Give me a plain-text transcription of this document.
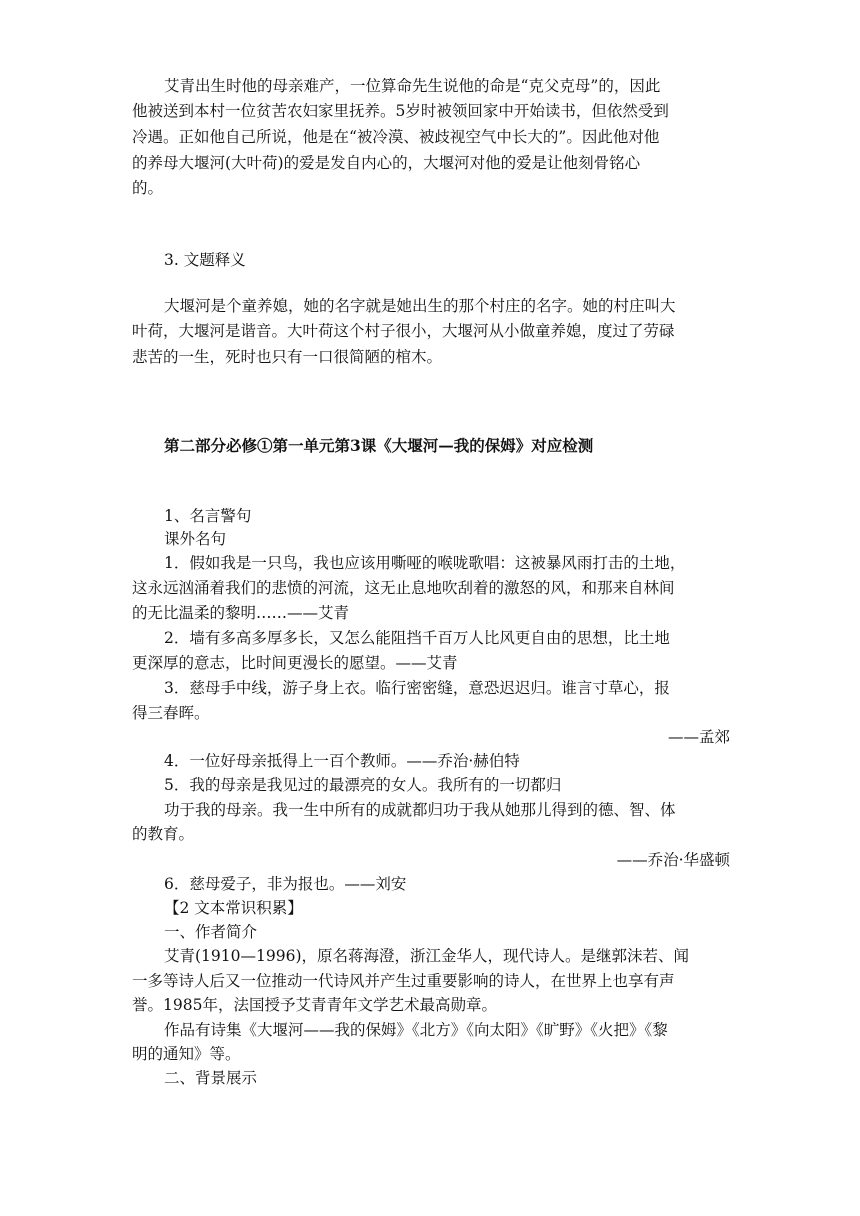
艾青出生时他的母亲难产，一位算命先生说他的命是“克父克母”的，因此
他被送到本村一位贫苦农妇家里抚养。5岁时被领回家中开始读书，但依然受到
冷遇。正如他自己所说，他是在“被冷漠、被歧视空气中长大的”。因此他对他
的养母大堰河(大叶荷)的爱是发自内心的，大堰河对他的爱是让他刻骨铭心
的。
3. 文题释义
大堰河是个童养媳，她的名字就是她出生的那个村庄的名字。她的村庄叫大
叶荷，大堰河是谐音。大叶荷这个村子很小，大堰河从小做童养媳，度过了劳碌
悲苦的一生，死时也只有一口很简陋的棺木。
第二部分必修①第一单元第3课《大堰河—我的保姆》对应检测
1、名言警句
课外名句
1．假如我是一只鸟，我也应该用嘶哑的喉咙歌唱：这被暴风雨打击的土地，
这永远汹涌着我们的悲愤的河流，这无止息地吹刮着的激怒的风，和那来自林间
的无比温柔的黎明……——艾青
2．墙有多高多厚多长，又怎么能阻挡千百万人比风更自由的思想，比土地
更深厚的意志，比时间更漫长的愿望。——艾青
3．慈母手中线，游子身上衣。临行密密缝，意恐迟迟归。谁言寸草心，报
得三春晖。
——孟郊
4．一位好母亲抵得上一百个教师。——乔治·赫伯特
5．我的母亲是我见过的最漂亮的女人。我所有的一切都归
功于我的母亲。我一生中所有的成就都归功于我从她那儿得到的德、智、体
的教育。
——乔治·华盛顿
6．慈母爱子，非为报也。——刘安
【2 文本常识积累】
一、作者简介
艾青(1910—1996)，原名蒋海澄，浙江金华人，现代诗人。是继郭沫若、闻
一多等诗人后又一位推动一代诗风并产生过重要影响的诗人，在世界上也享有声
誉。1985年，法国授予艾青青年文学艺术最高勋章。
作品有诗集《大堰河——我的保姆》《北方》《向太阳》《旷野》《火把》《黎
明的通知》等。
二、背景展示
